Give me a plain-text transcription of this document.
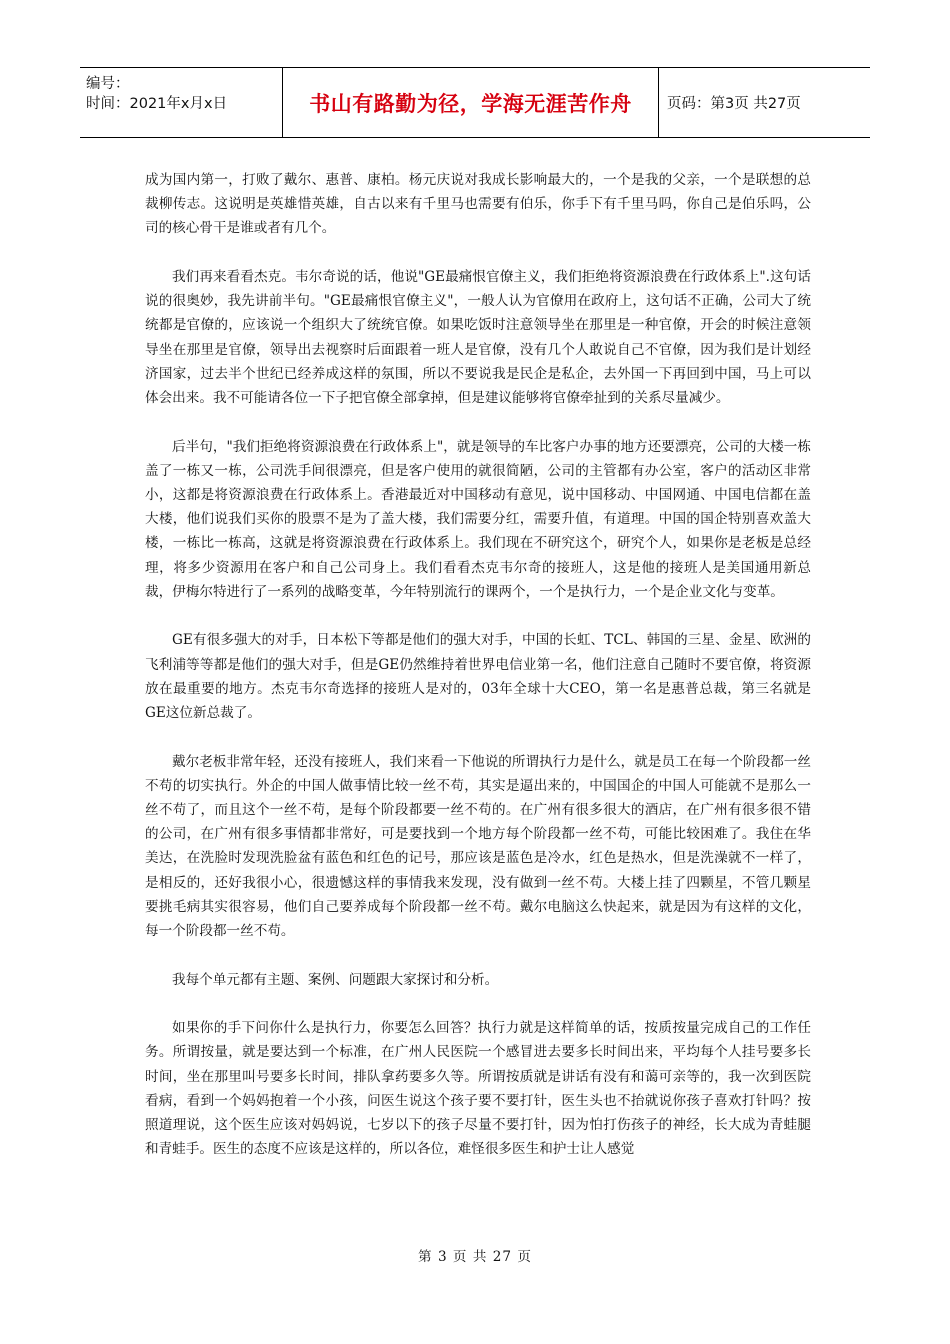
编号：
时间：2021年x月x日	书山有路勤为径，学海无涯苦作舟 页码：第3页 共27页

成为国内第一，打败了戴尔、惠普、康柏。杨元庆说对我成长影响最大的，一个是我的父亲，一个是联想的总裁柳传志。这说明是英雄惜英雄，自古以来有千里马也需要有伯乐，你手下有千里马吗，你自己是伯乐吗，公司的核心骨干是谁或者有几个。

我们再来看看杰克。韦尔奇说的话，他说"GE最痛恨官僚主义，我们拒绝将资源浪费在行政体系上".这句话说的很奥妙，我先讲前半句。"GE最痛恨官僚主义"，一般人认为官僚用在政府上，这句话不正确，公司大了统统都是官僚的，应该说一个组织大了统统官僚。如果吃饭时注意领导坐在那里是一种官僚，开会的时候注意领导坐在那里是官僚，领导出去视察时后面跟着一班人是官僚，没有几个人敢说自己不官僚，因为我们是计划经济国家，过去半个世纪已经养成这样的氛围，所以不要说我是民企是私企，去外国一下再回到中国，马上可以体会出来。我不可能请各位一下子把官僚全部拿掉，但是建议能够将官僚牵扯到的关系尽量减少。

后半句，"我们拒绝将资源浪费在行政体系上"，就是领导的车比客户办事的地方还要漂亮，公司的大楼一栋盖了一栋又一栋，公司洗手间很漂亮，但是客户使用的就很简陋，公司的主管都有办公室，客户的活动区非常小，这都是将资源浪费在行政体系上。香港最近对中国移动有意见，说中国移动、中国网通、中国电信都在盖大楼，他们说我们买你的股票不是为了盖大楼，我们需要分红，需要升值，有道理。中国的国企特别喜欢盖大楼，一栋比一栋高，这就是将资源浪费在行政体系上。我们现在不研究这个，研究个人，如果你是老板是总经理，将多少资源用在客户和自己公司身上。我们看看杰克韦尔奇的接班人，这是他的接班人是美国通用新总裁，伊梅尔特进行了一系列的战略变革，今年特别流行的课两个，一个是执行力，一个是企业文化与变革。

GE有很多强大的对手，日本松下等都是他们的强大对手，中国的长虹、TCL、韩国的三星、金星、欧洲的飞利浦等等都是他们的强大对手，但是GE仍然维持着世界电信业第一名，他们注意自己随时不要官僚，将资源放在最重要的地方。杰克韦尔奇选择的接班人是对的，03年全球十大CEO，第一名是惠普总裁，第三名就是GE这位新总裁了。

戴尔老板非常年轻，还没有接班人，我们来看一下他说的所谓执行力是什么，就是员工在每一个阶段都一丝不苟的切实执行。外企的中国人做事情比较一丝不苟，其实是逼出来的，中国国企的中国人可能就不是那么一丝不苟了，而且这个一丝不苟，是每个阶段都要一丝不苟的。在广州有很多很大的酒店，在广州有很多很不错的公司，在广州有很多事情都非常好，可是要找到一个地方每个阶段都一丝不苟，可能比较困难了。我住在华美达，在洗脸时发现洗脸盆有蓝色和红色的记号，那应该是蓝色是冷水，红色是热水，但是洗澡就不一样了，是相反的，还好我很小心，很遗憾这样的事情我来发现，没有做到一丝不苟。大楼上挂了四颗星，不管几颗星要挑毛病其实很容易，他们自己要养成每个阶段都一丝不苟。戴尔电脑这么快起来，就是因为有这样的文化，每一个阶段都一丝不苟。

我每个单元都有主题、案例、问题跟大家探讨和分析。

如果你的手下问你什么是执行力，你要怎么回答？执行力就是这样简单的话，按质按量完成自己的工作任务。所谓按量，就是要达到一个标准，在广州人民医院一个感冒进去要多长时间出来，平均每个人挂号要多长时间，坐在那里叫号要多长时间，排队拿药要多久等。所谓按质就是讲话有没有和蔼可亲等的，我一次到医院看病，看到一个妈妈抱着一个小孩，问医生说这个孩子要不要打针，医生头也不抬就说你孩子喜欢打针吗？按照道理说，这个医生应该对妈妈说，七岁以下的孩子尽量不要打针，因为怕打伤孩子的神经，长大成为青蛙腿和青蛙手。医生的态度不应该是这样的，所以各位，难怪很多医生和护士让人感觉

第 3 页 共 27 页
